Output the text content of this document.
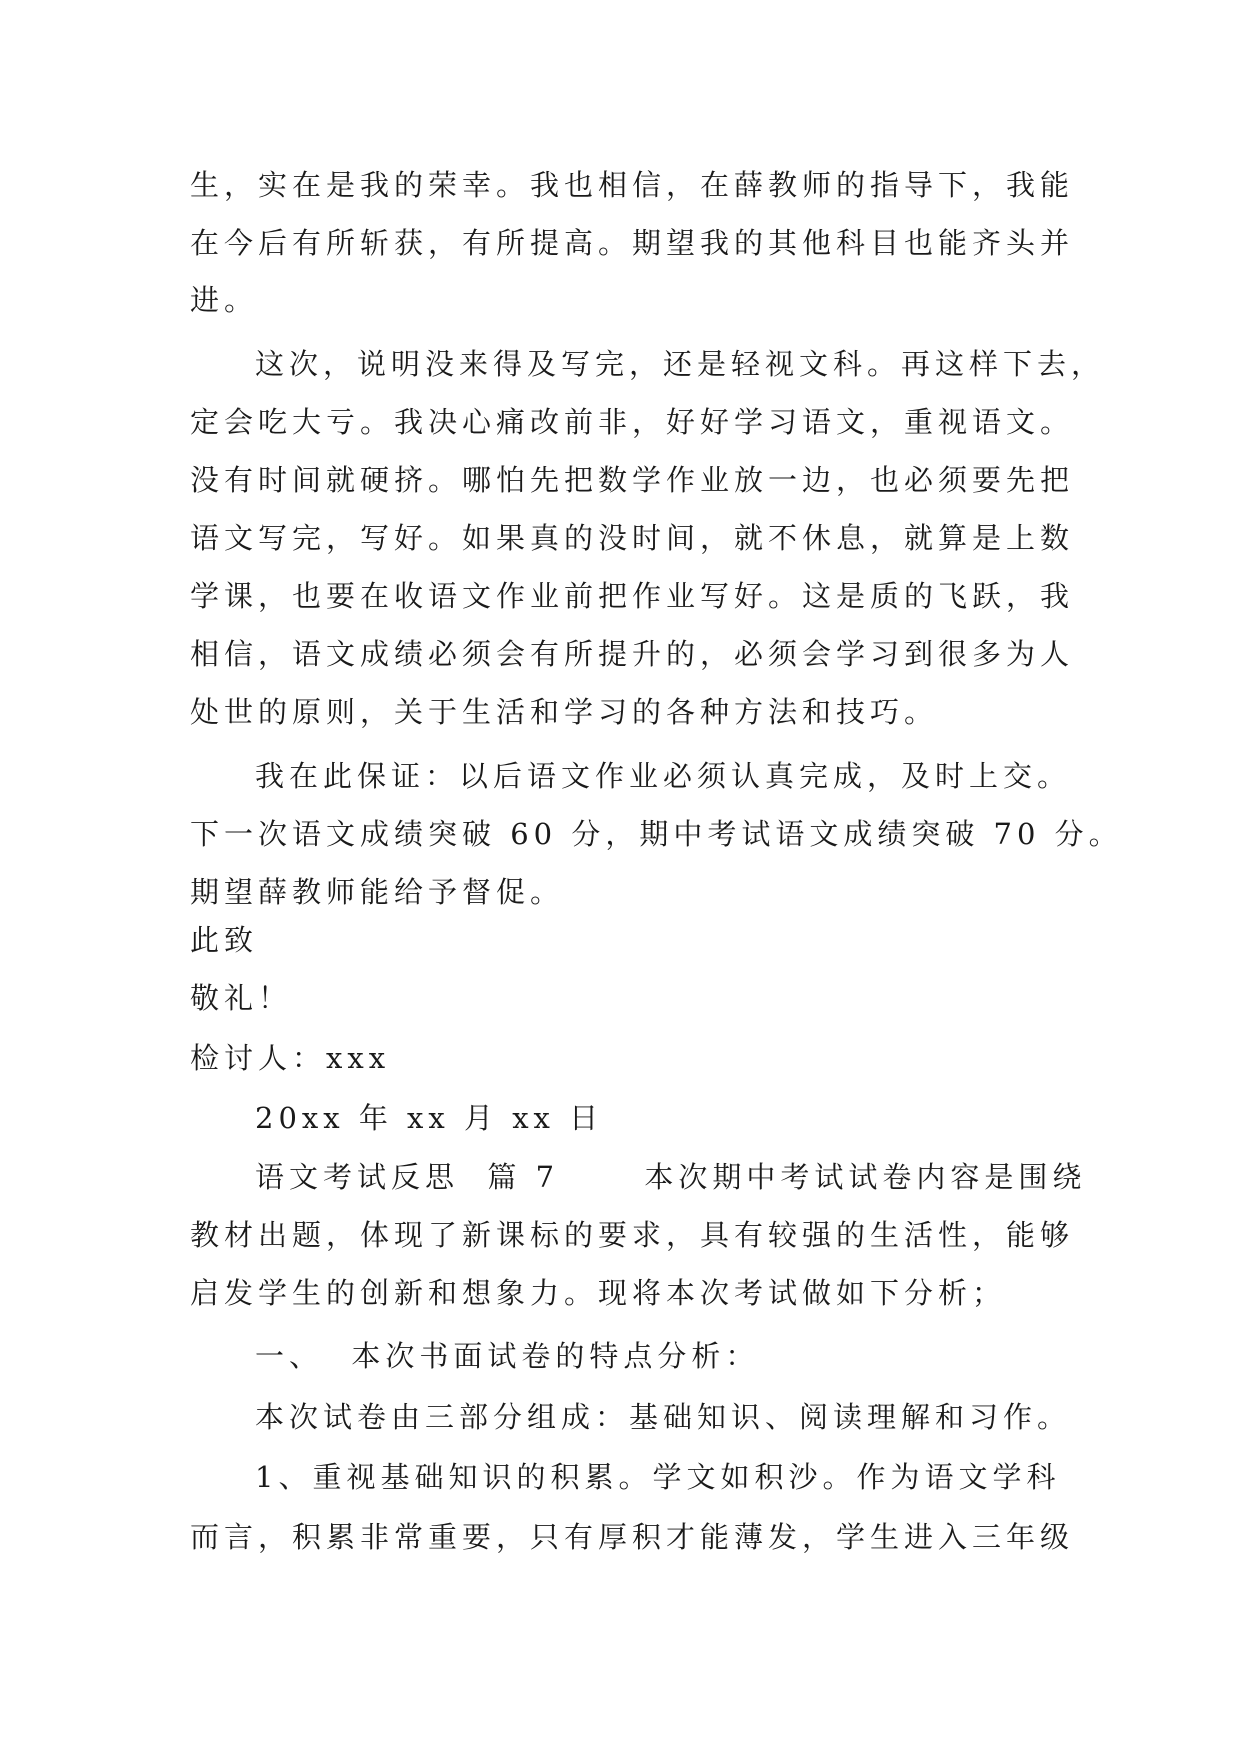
生，实在是我的荣幸。我也相信，在薛教师的指导下，我能
在今后有所斩获，有所提高。期望我的其他科目也能齐头并
进。
这次，说明没来得及写完，还是轻视文科。再这样下去，
定会吃大亏。我决心痛改前非，好好学习语文，重视语文。
没有时间就硬挤。哪怕先把数学作业放一边，也必须要先把
语文写完，写好。如果真的没时间，就不休息，就算是上数
学课，也要在收语文作业前把作业写好。这是质的飞跃，我
相信，语文成绩必须会有所提升的，必须会学习到很多为人
处世的原则，关于生活和学习的各种方法和技巧。
我在此保证：以后语文作业必须认真完成，及时上交。
下一次语文成绩突破 60 分，期中考试语文成绩突破 70 分。
期望薛教师能给予督促。
此致
敬礼！
检讨人：xxx
20xx 年 xx 月 xx 日
语文考试反思  篇 7      本次期中考试试卷内容是围绕
教材出题，体现了新课标的要求，具有较强的生活性，能够
启发学生的创新和想象力。现将本次考试做如下分析；
一、  本次书面试卷的特点分析：
本次试卷由三部分组成：基础知识、阅读理解和习作。
1、重视基础知识的积累。学文如积沙。作为语文学科
而言，积累非常重要，只有厚积才能薄发，学生进入三年级
